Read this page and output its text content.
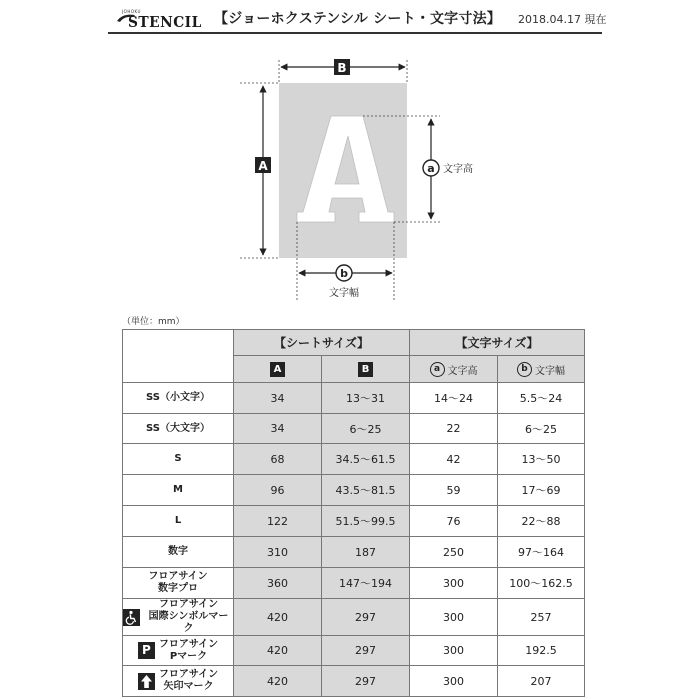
JOHOKU
STENCIL 【ジョーホクステンシル シート・文字寸法】 2018.04.17 現在
B
A	a 文字高
b
文字幅
（単位：mm）
	【シートサイズ】		【文字サイズ】	
	A	B	a 文字高	b 文字幅

SS（小文字）	34	13～31	14～24	5.5～24
SS（大文字）	34	6～25	22	6～25
S	68	34.5～61.5	42	13～50
M	96	43.5～81.5	59	17～69
L	122	51.5～99.5	76	22～88
数字	310	187	250	97～164

フロアサイン
数字プロ	360	147～194	300	100～162.5

フロアサイン
国際シンボルマーク	420	297	300	257

P フロアサイン
Pマーク	420	297	300	192.5

フロアサイン
矢印マーク	420	297	300	207
